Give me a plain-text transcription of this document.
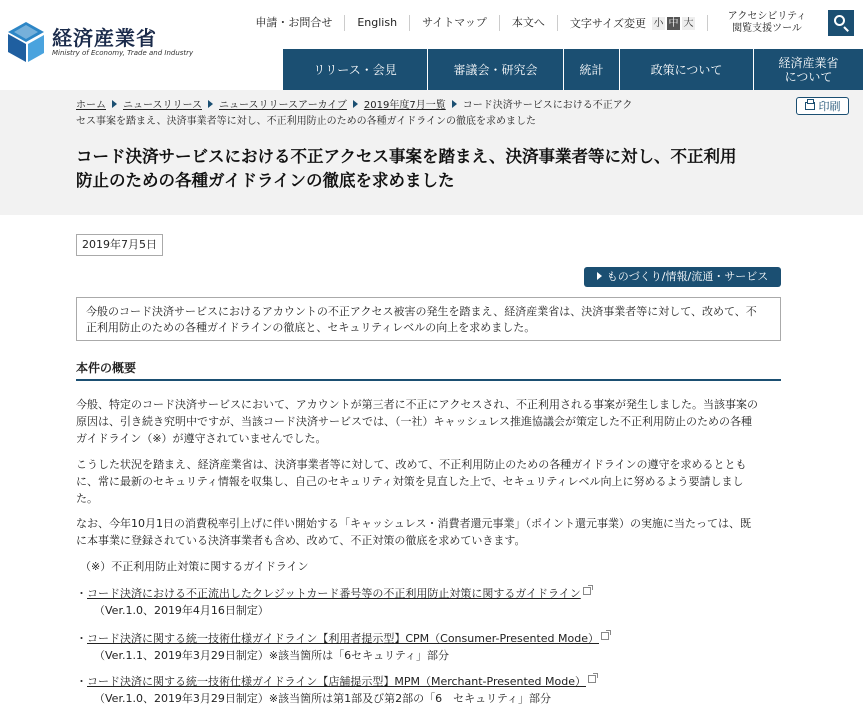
経済産業省
Ministry of Economy, Trade and Industry
申請・お問合せ	English	サイトマップ	本文へ	文字サイズ変更 小 中 大
アクセシビリティ
閲覧支援ツール
リリース・会見	審議会・研究会	統計	政策について	経済産業省
について
ホーム ニュースリリース ニュースリリースアーカイブ 2019年度7月一覧 コード決済サービスにおける不正アク
セス事案を踏まえ、決済事業者等に対し、不正利用防止のための各種ガイドラインの徹底を求めました
印刷
コード決済サービスにおける不正アクセス事案を踏まえ、決済事業者等に対し、不正利用
防止のための各種ガイドラインの徹底を求めました
2019年7月5日
ものづくり/情報/流通・サービス
今般のコード決済サービスにおけるアカウントの不正アクセス被害の発生を踏まえ、経済産業省は、決済事業者等に対して、改めて、不
正利用防止のための各種ガイドラインの徹底と、セキュリティレベルの向上を求めました。
本件の概要
今般、特定のコード決済サービスにおいて、アカウントが第三者に不正にアクセスされ、不正利用される事案が発生しました。当該事案の
原因は、引き続き究明中ですが、当該コード決済サービスでは、（一社）キャッシュレス推進協議会が策定した不正利用防止のための各種
ガイドライン（※）が遵守されていませんでした。
こうした状況を踏まえ、経済産業省は、決済事業者等に対して、改めて、不正利用防止のための各種ガイドラインの遵守を求めるととも
に、常に最新のセキュリティ情報を収集し、自己のセキュリティ対策を見直した上で、セキュリティレベル向上に努めるよう要請しまし
た。
なお、今年10月1日の消費税率引上げに伴い開始する「キャッシュレス・消費者還元事業」（ポイント還元事業）の実施に当たっては、既
に本事業に登録されている決済事業者も含め、改めて、不正対策の徹底を求めていきます。
（※）不正利用防止対策に関するガイドライン
・コード決済における不正流出したクレジットカード番号等の不正利用防止対策に関するガイドライン
（Ver.1.0、2019年4月16日制定）
・コード決済に関する統一技術仕様ガイドライン【利用者提示型】CPM（Consumer-Presented Mode）
（Ver.1.1、2019年3月29日制定）※該当箇所は「6セキュリティ」部分
・コード決済に関する統一技術仕様ガイドライン【店舗提示型】MPM（Merchant-Presented Mode）
（Ver.1.0、2019年3月29日制定）※該当箇所は第1部及び第2部の「6　セキュリティ」部分
